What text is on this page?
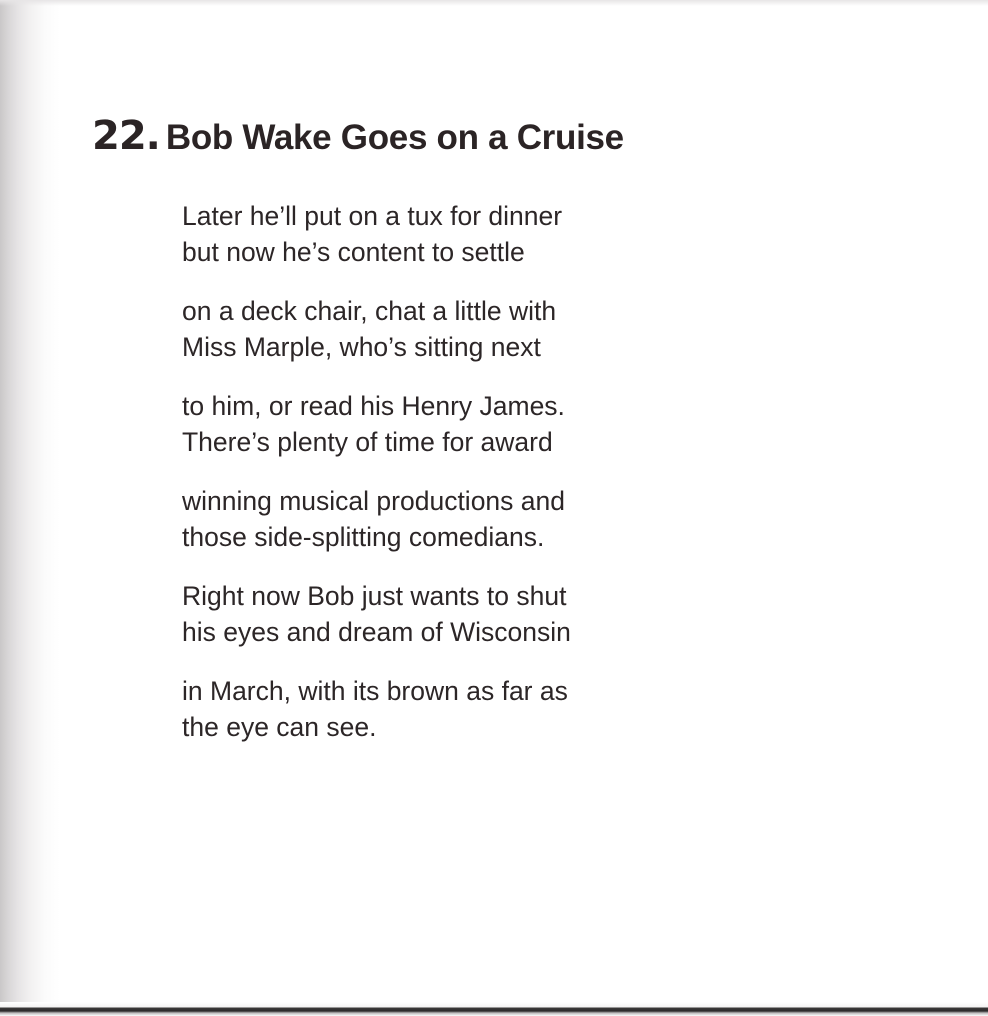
22. Bob Wake Goes on a Cruise

Later he’ll put on a tux for dinner
but now he’s content to settle

on a deck chair, chat a little with
Miss Marple, who’s sitting next

to him, or read his Henry James.
There’s plenty of time for award

winning musical productions and
those side-splitting comedians.

Right now Bob just wants to shut
his eyes and dream of Wisconsin

in March, with its brown as far as
the eye can see.
